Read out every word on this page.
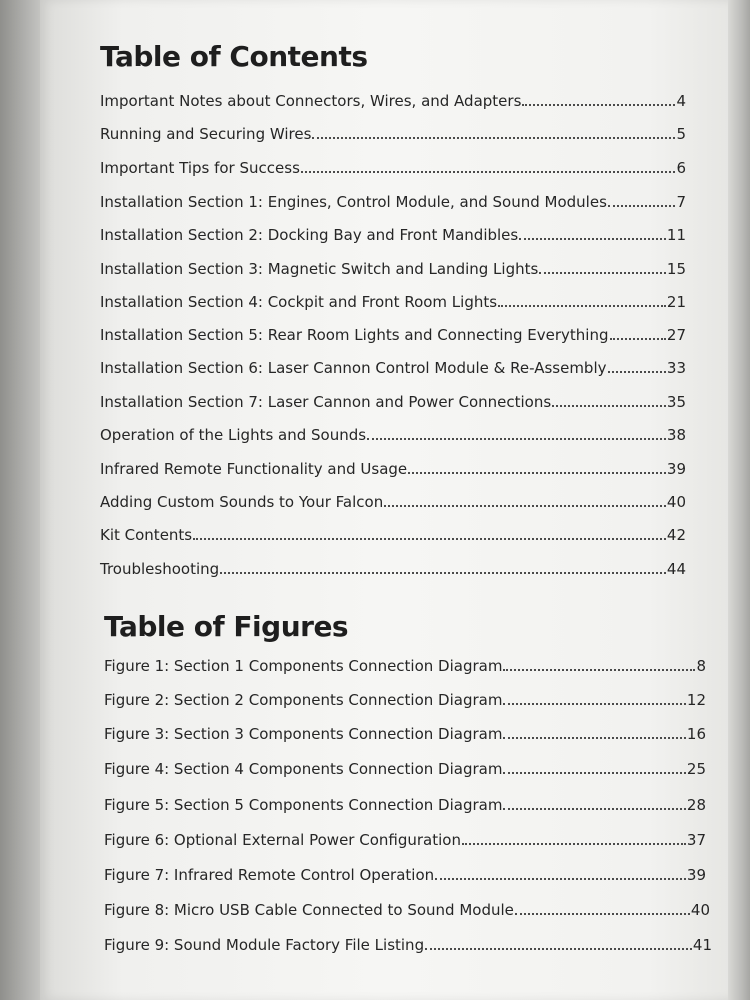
Table of Contents
Important Notes about Connectors, Wires, and Adapters	4
Running and Securing Wires	5
Important Tips for Success	6
Installation Section 1: Engines, Control Module, and Sound Modules	7
Installation Section 2: Docking Bay and Front Mandibles	11
Installation Section 3: Magnetic Switch and Landing Lights	15
Installation Section 4: Cockpit and Front Room Lights	21
Installation Section 5: Rear Room Lights and Connecting Everything	27
Installation Section 6: Laser Cannon Control Module & Re-Assembly	33
Installation Section 7: Laser Cannon and Power Connections	35
Operation of the Lights and Sounds	38
Infrared Remote Functionality and Usage	39
Adding Custom Sounds to Your Falcon	40
Kit Contents	42
Troubleshooting	44
Table of Figures
Figure 1: Section 1 Components Connection Diagram	8
Figure 2: Section 2 Components Connection Diagram	12
Figure 3: Section 3 Components Connection Diagram	16
Figure 4: Section 4 Components Connection Diagram	25
Figure 5: Section 5 Components Connection Diagram	28
Figure 6: Optional External Power Configuration	37
Figure 7: Infrared Remote Control Operation	39
Figure 8: Micro USB Cable Connected to Sound Module	40
Figure 9: Sound Module Factory File Listing	41
